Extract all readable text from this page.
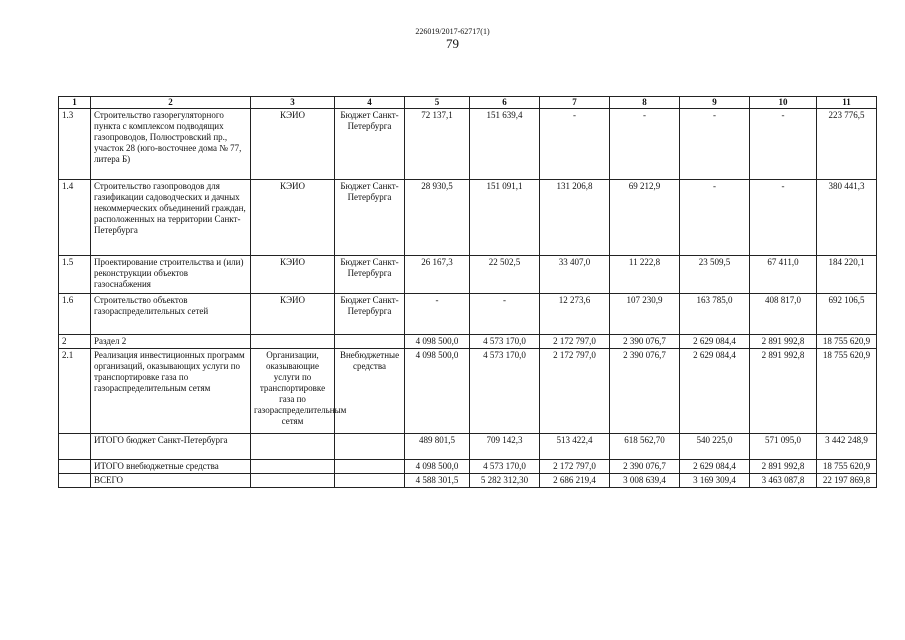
226019/2017-62717(1)
79
1	2	3	4	5	6	7	8	9	10	11
1.3	Строительство газорегуляторного пункта с комплексом подводящих газопроводов, Полюстровский пр., участок 28 (юго-восточнее дома № 77, литера Б)	КЭИО	Бюджет Санкт-Петербурга	72 137,1	151 639,4	-	-	-	-	223 776,5
1.4	Строительство газопроводов для газификации садоводческих и дачных некоммерческих объединений граждан, расположенных на территории Санкт-Петербурга	КЭИО	Бюджет Санкт-Петербурга	28 930,5	151 091,1	131 206,8	69 212,9	-	-	380 441,3
1.5	Проектирование строительства и (или) реконструкции объектов газоснабжения	КЭИО	Бюджет Санкт-Петербурга	26 167,3	22 502,5	33 407,0	11 222,8	23 509,5	67 411,0	184 220,1
1.6	Строительство объектов газораспределительных сетей	КЭИО	Бюджет Санкт-Петербурга	-	-	12 273,6	107 230,9	163 785,0	408 817,0	692 106,5
2	Раздел 2			4 098 500,0	4 573 170,0	2 172 797,0	2 390 076,7	2 629 084,4	2 891 992,8	18 755 620,9
2.1	Реализация инвестиционных программ организаций, оказывающих услуги по транспортировке газа по газораспределительным сетям	Организации, оказывающие услуги по транспортировке газа по газораспределительным сетям	Внебюджетные средства	4 098 500,0	4 573 170,0	2 172 797,0	2 390 076,7	2 629 084,4	2 891 992,8	18 755 620,9
	ИТОГО бюджет Санкт-Петербурга			489 801,5	709 142,3	513 422,4	618 562,70	540 225,0	571 095,0	3 442 248,9
	ИТОГО внебюджетные средства			4 098 500,0	4 573 170,0	2 172 797,0	2 390 076,7	2 629 084,4	2 891 992,8	18 755 620,9
	ВСЕГО			4 588 301,5	5 282 312,30	2 686 219,4	3 008 639,4	3 169 309,4	3 463 087,8	22 197 869,8
